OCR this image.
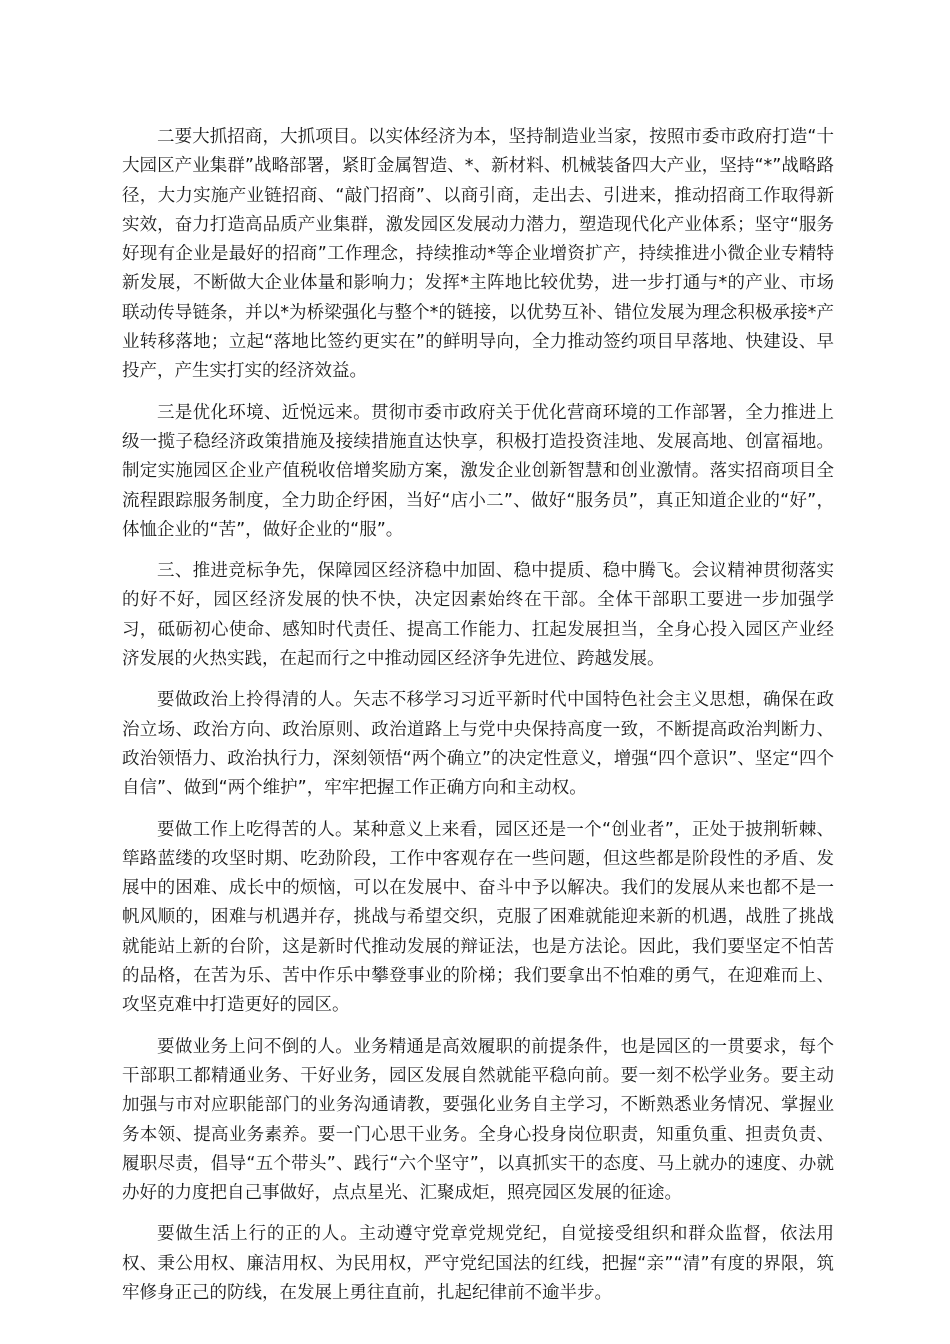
二要大抓招商，大抓项目。以实体经济为本，坚持制造业当家，按照市委市政府打造“十大园区产业集群”战略部署，紧盯金属智造、*、新材料、机械装备四大产业，坚持“*”战略路径，大力实施产业链招商、“敲门招商”、以商引商，走出去、引进来，推动招商工作取得新实效，奋力打造高品质产业集群，激发园区发展动力潜力，塑造现代化产业体系；坚守“服务好现有企业是最好的招商”工作理念，持续推动*等企业增资扩产，持续推进小微企业专精特新发展，不断做大企业体量和影响力；发挥*主阵地比较优势，进一步打通与*的产业、市场联动传导链条，并以*为桥梁强化与整个*的链接，以优势互补、错位发展为理念积极承接*产业转移落地；立起“落地比签约更实在”的鲜明导向，全力推动签约项目早落地、快建设、早投产，产生实打实的经济效益。

三是优化环境、近悦远来。贯彻市委市政府关于优化营商环境的工作部署，全力推进上级一揽子稳经济政策措施及接续措施直达快享，积极打造投资洼地、发展高地、创富福地。制定实施园区企业产值税收倍增奖励方案，激发企业创新智慧和创业激情。落实招商项目全流程跟踪服务制度，全力助企纾困，当好“店小二”、做好“服务员”，真正知道企业的“好”，体恤企业的“苦”，做好企业的“服”。

三、推进竞标争先，保障园区经济稳中加固、稳中提质、稳中腾飞。会议精神贯彻落实的好不好，园区经济发展的快不快，决定因素始终在干部。全体干部职工要进一步加强学习，砥砺初心使命、感知时代责任、提高工作能力、扛起发展担当，全身心投入园区产业经济发展的火热实践，在起而行之中推动园区经济争先进位、跨越发展。

要做政治上拎得清的人。矢志不移学习习近平新时代中国特色社会主义思想，确保在政治立场、政治方向、政治原则、政治道路上与党中央保持高度一致，不断提高政治判断力、政治领悟力、政治执行力，深刻领悟“两个确立”的决定性意义，增强“四个意识”、坚定“四个自信”、做到“两个维护”，牢牢把握工作正确方向和主动权。

要做工作上吃得苦的人。某种意义上来看，园区还是一个“创业者”，正处于披荆斩棘、筚路蓝缕的攻坚时期、吃劲阶段，工作中客观存在一些问题，但这些都是阶段性的矛盾、发展中的困难、成长中的烦恼，可以在发展中、奋斗中予以解决。我们的发展从来也都不是一帆风顺的，困难与机遇并存，挑战与希望交织，克服了困难就能迎来新的机遇，战胜了挑战就能站上新的台阶，这是新时代推动发展的辩证法，也是方法论。因此，我们要坚定不怕苦的品格，在苦为乐、苦中作乐中攀登事业的阶梯；我们要拿出不怕难的勇气，在迎难而上、攻坚克难中打造更好的园区。

要做业务上问不倒的人。业务精通是高效履职的前提条件，也是园区的一贯要求，每个干部职工都精通业务、干好业务，园区发展自然就能平稳向前。要一刻不松学业务。要主动加强与市对应职能部门的业务沟通请教，要强化业务自主学习，不断熟悉业务情况、掌握业务本领、提高业务素养。要一门心思干业务。全身心投身岗位职责，知重负重、担责负责、履职尽责，倡导“五个带头”、践行“六个坚守”，以真抓实干的态度、马上就办的速度、办就办好的力度把自己事做好，点点星光、汇聚成炬，照亮园区发展的征途。

要做生活上行的正的人。主动遵守党章党规党纪，自觉接受组织和群众监督，依法用权、秉公用权、廉洁用权、为民用权，严守党纪国法的红线，把握“亲”“清”有度的界限，筑牢修身正己的防线，在发展上勇往直前，扎起纪律前不逾半步。
